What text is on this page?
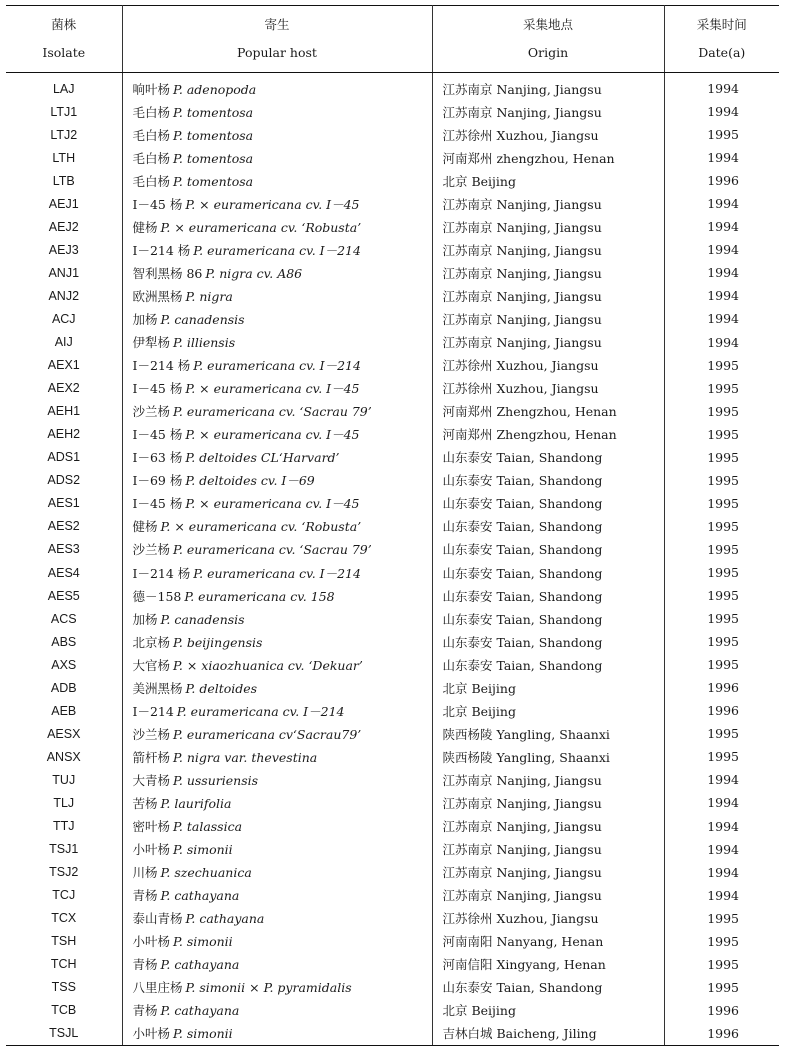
菌株	寄生	采集地点	采集时间
Isolate	Popular host	Origin	Date(a)
LAJ	响叶杨 P. adenopoda	江苏南京 Nanjing, Jiangsu	1994
LTJ1	毛白杨 P. tomentosa	江苏南京 Nanjing, Jiangsu	1994
LTJ2	毛白杨 P. tomentosa	江苏徐州 Xuzhou, Jiangsu	1995
LTH	毛白杨 P. tomentosa	河南郑州 zhengzhou, Henan	1994
LTB	毛白杨 P. tomentosa	北京 Beijing	1996
AEJ1	I－45 杨 P. × euramericana cv. I－45	江苏南京 Nanjing, Jiangsu	1994
AEJ2	健杨 P. × euramericana cv. ‘Robusta’	江苏南京 Nanjing, Jiangsu	1994
AEJ3	I－214 杨 P. euramericana cv. I－214	江苏南京 Nanjing, Jiangsu	1994
ANJ1	智利黑杨 86 P. nigra cv. A86	江苏南京 Nanjing, Jiangsu	1994
ANJ2	欧洲黑杨 P. nigra	江苏南京 Nanjing, Jiangsu	1994
ACJ	加杨 P. canadensis	江苏南京 Nanjing, Jiangsu	1994
AIJ	伊犁杨 P. illiensis	江苏南京 Nanjing, Jiangsu	1994
AEX1	I－214 杨 P. euramericana cv. I－214	江苏徐州 Xuzhou, Jiangsu	1995
AEX2	I－45 杨 P. × euramericana cv. I－45	江苏徐州 Xuzhou, Jiangsu	1995
AEH1	沙兰杨 P. euramericana cv. ‘Sacrau 79’	河南郑州 Zhengzhou, Henan	1995
AEH2	I－45 杨 P. × euramericana cv. I－45	河南郑州 Zhengzhou, Henan	1995
ADS1	I－63 杨 P. deltoides CL‘Harvard’	山东泰安 Taian, Shandong	1995
ADS2	I－69 杨 P. deltoides cv. I－69	山东泰安 Taian, Shandong	1995
AES1	I－45 杨 P. × euramericana cv. I－45	山东泰安 Taian, Shandong	1995
AES2	健杨 P. × euramericana cv. ‘Robusta’	山东泰安 Taian, Shandong	1995
AES3	沙兰杨 P. euramericana cv. ‘Sacrau 79’	山东泰安 Taian, Shandong	1995
AES4	I－214 杨 P. euramericana cv. I－214	山东泰安 Taian, Shandong	1995
AES5	德－158 P. euramericana cv. 158	山东泰安 Taian, Shandong	1995
ACS	加杨 P. canadensis	山东泰安 Taian, Shandong	1995
ABS	北京杨 P. beijingensis	山东泰安 Taian, Shandong	1995
AXS	大官杨 P. × xiaozhuanica cv. ‘Dekuar’	山东泰安 Taian, Shandong	1995
ADB	美洲黑杨 P. deltoides	北京 Beijing	1996
AEB	I－214 P. euramericana cv. I－214	北京 Beijing	1996
AESX	沙兰杨 P. euramericana cv‘Sacrau79’	陕西杨陵 Yangling, Shaanxi	1995
ANSX	箭杆杨 P. nigra var. thevestina	陕西杨陵 Yangling, Shaanxi	1995
TUJ	大青杨 P. ussuriensis	江苏南京 Nanjing, Jiangsu	1994
TLJ	苦杨 P. laurifolia	江苏南京 Nanjing, Jiangsu	1994
TTJ	密叶杨 P. talassica	江苏南京 Nanjing, Jiangsu	1994
TSJ1	小叶杨 P. simonii	江苏南京 Nanjing, Jiangsu	1994
TSJ2	川杨 P. szechuanica	江苏南京 Nanjing, Jiangsu	1994
TCJ	青杨 P. cathayana	江苏南京 Nanjing, Jiangsu	1994
TCX	泰山青杨 P. cathayana	江苏徐州 Xuzhou, Jiangsu	1995
TSH	小叶杨 P. simonii	河南南阳 Nanyang, Henan	1995
TCH	青杨 P. cathayana	河南信阳 Xingyang, Henan	1995
TSS	八里庄杨 P. simonii × P. pyramidalis	山东泰安 Taian, Shandong	1995
TCB	青杨 P. cathayana	北京 Beijing	1996
TSJL	小叶杨 P. simonii	吉林白城 Baicheng, Jiling	1996
